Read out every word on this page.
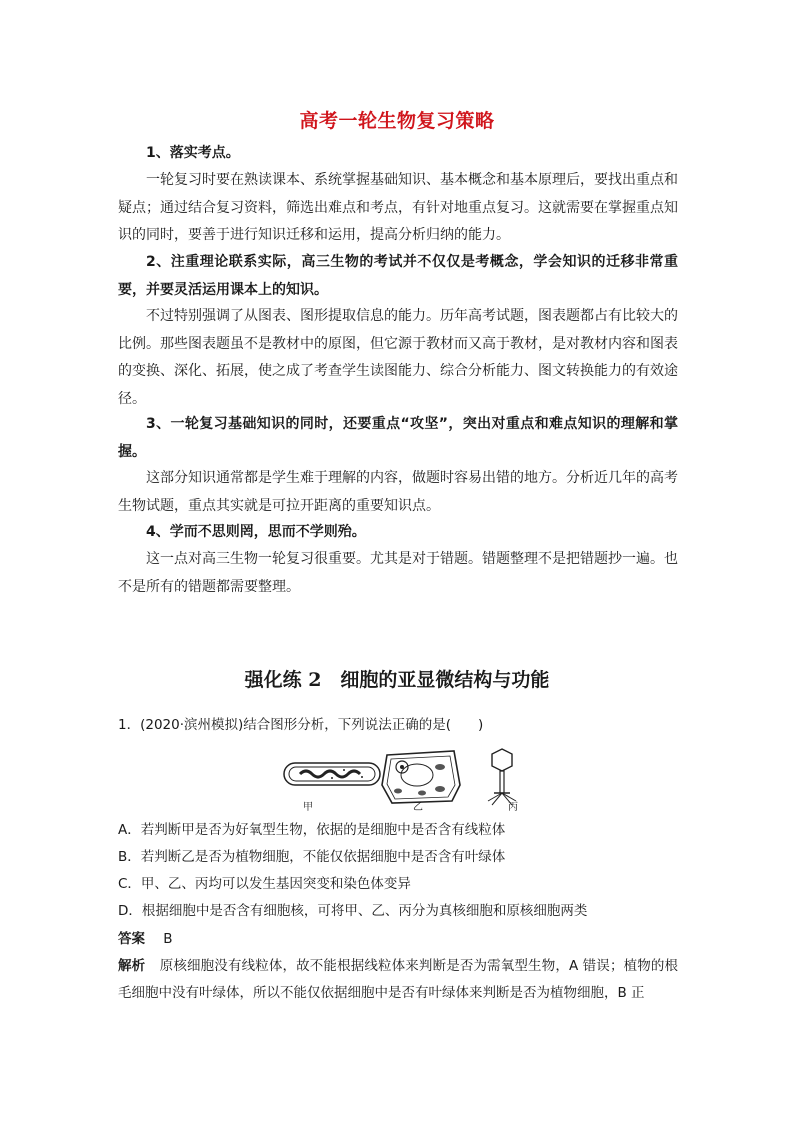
高考一轮生物复习策略
1、落实考点。
一轮复习时要在熟读课本、系统掌握基础知识、基本概念和基本原理后，要找出重点和疑点；通过结合复习资料，筛选出难点和考点，有针对地重点复习。这就需要在掌握重点知识的同时，要善于进行知识迁移和运用，提高分析归纳的能力。
2、注重理论联系实际，高三生物的考试并不仅仅是考概念，学会知识的迁移非常重要，并要灵活运用课本上的知识。
不过特别强调了从图表、图形提取信息的能力。历年高考试题，图表题都占有比较大的比例。那些图表题虽不是教材中的原图，但它源于教材而又高于教材，是对教材内容和图表的变换、深化、拓展，使之成了考查学生读图能力、综合分析能力、图文转换能力的有效途径。
3、一轮复习基础知识的同时，还要重点“攻坚”，突出对重点和难点知识的理解和掌握。
这部分知识通常都是学生难于理解的内容，做题时容易出错的地方。分析近几年的高考生物试题，重点其实就是可拉开距离的重要知识点。
4、学而不思则罔，思而不学则殆。
这一点对高三生物一轮复习很重要。尤其是对于错题。错题整理不是把错题抄一遍。也不是所有的错题都需要整理。
强化练 2　细胞的亚显微结构与功能
1．(2020·滨州模拟)结合图形分析，下列说法正确的是(　　)
甲	乙	丙
A．若判断甲是否为好氧型生物，依据的是细胞中是否含有线粒体
B．若判断乙是否为植物细胞，不能仅依据细胞中是否含有叶绿体
C．甲、乙、丙均可以发生基因突变和染色体变异
D．根据细胞中是否含有细胞核，可将甲、乙、丙分为真核细胞和原核细胞两类
答案 B
解析 原核细胞没有线粒体，故不能根据线粒体来判断是否为需氧型生物，A 错误；植物的根毛细胞中没有叶绿体，所以不能仅依据细胞中是否有叶绿体来判断是否为植物细胞，B 正
